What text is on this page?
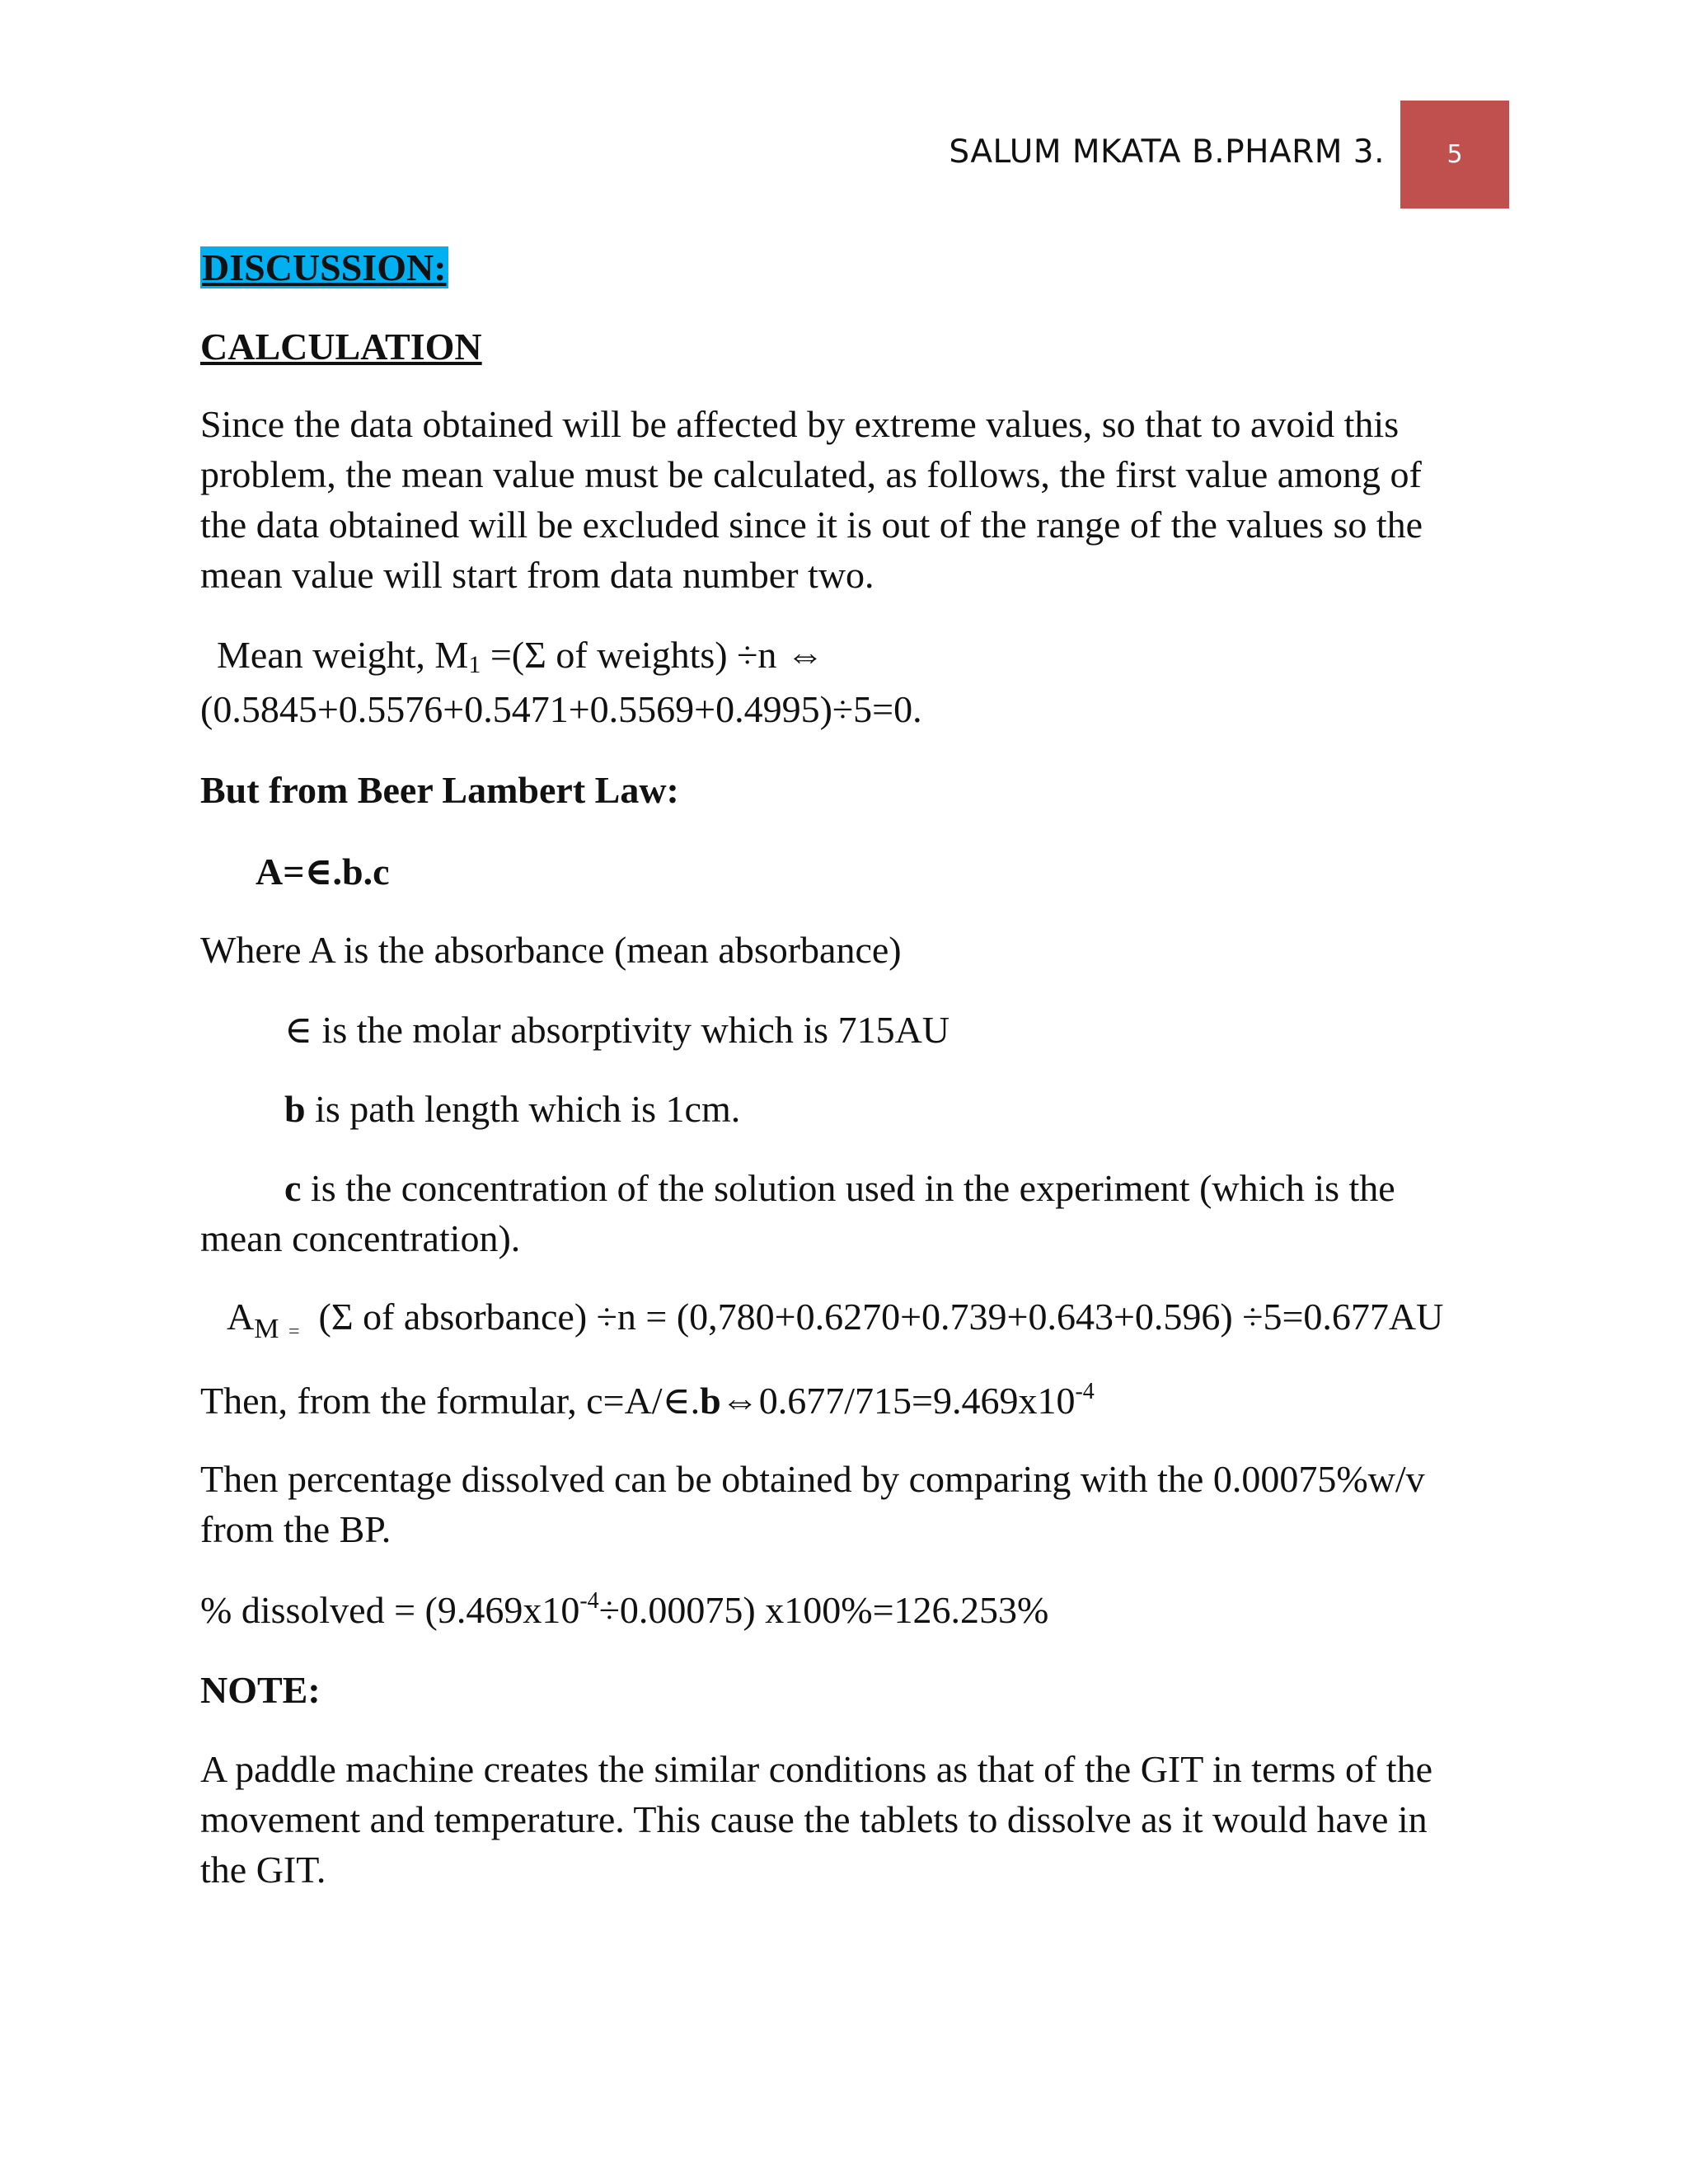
SALUM MKATA B.PHARM 3.	5
DISCUSSION:
CALCULATION
Since the data obtained will be affected by extreme values, so that to avoid this
problem, the mean value must be calculated, as follows, the first value among of
the data obtained will be excluded since it is out of the range of the values so the
mean value will start from data number two.
Mean weight, $M_1 =(\Sigma$ of weights) ÷n ⇔
(0.5845+0.5576+0.5471+0.5569+0.4995)÷5=0.
But from Beer Lambert Law:
A=∈.b.c
Where A is the absorbance (mean absorbance)
∈ is the molar absorptivity which is 715AU
b is path length which is 1cm.
c is the concentration of the solution used in the experiment (which is the
mean concentration).
$A_M$ $_=$  (Σ of absorbance) ÷n = (0,780+0.6270+0.739+0.643+0.596) ÷5=0.677AU
Then, from the formular, $c=A/\in.b\Leftrightarrow 0.677/715=9.469x10^{-4}$
Then percentage dissolved can be obtained by comparing with the 0.00075%w/v
from the BP.
% dissolved = $(9.469x10^{-4}\div 0.00075)$ x100%=126.253%
NOTE:
A paddle machine creates the similar conditions as that of the GIT in terms of the
movement and temperature. This cause the tablets to dissolve as it would have in
the GIT.
